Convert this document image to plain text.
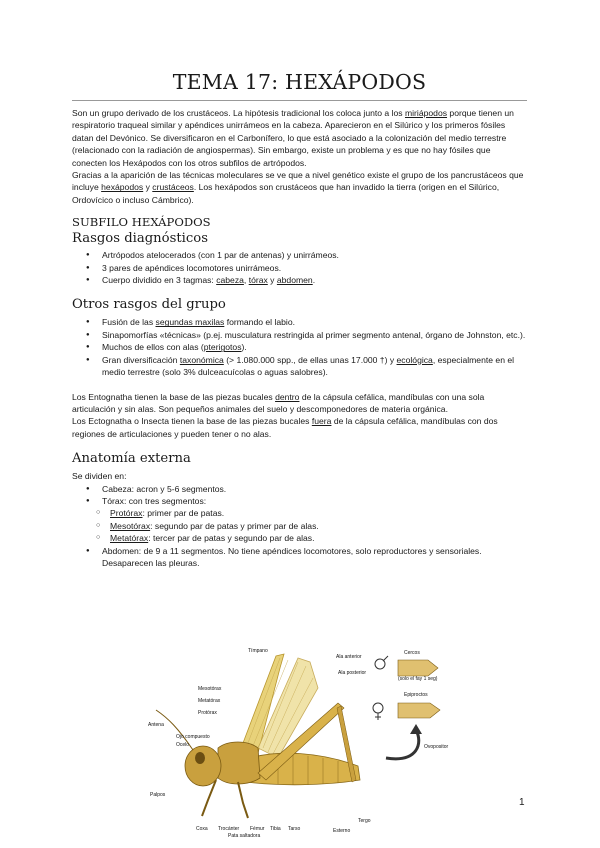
TEMA 17: HEXÁPODOS

Son un grupo derivado de los crustáceos. La hipótesis tradicional los coloca junto a los miriápodos porque tienen un respiratorio traqueal similar y apéndices unirrámeos en la cabeza. Aparecieron en el Silúrico y los primeros fósiles datan del Devónico. Se diversificaron en el Carbonífero, lo que está asociado a la colonización del medio terrestre (relacionado con la radiación de angiospermas). Sin embargo, existe un problema y es que no hay fósiles que conecten los Hexápodos con los otros subfilos de artrópodos.

Gracias a la aparición de las técnicas moleculares se ve que a nivel genético existe el grupo de los pancrustáceos que incluye hexápodos y crustáceos. Los hexápodos son crustáceos que han invadido la tierra (origen en el Silúrico, Ordovícico o incluso Cámbrico).

SUBFILO HEXÁPODOS
Rasgos diagnósticos
● Artrópodos atelocerados (con 1 par de antenas) y unirrámeos.
● 3 pares de apéndices locomotores unirrámeos.
● Cuerpo dividido en 3 tagmas: cabeza, tórax y abdomen.
Otros rasgos del grupo
● Fusión de las segundas maxilas formando el labio.
● Sinapomorfías «técnicas» (p.ej. musculatura restringida al primer segmento antenal, órgano de Johnston, etc.).
● Muchos de ellos con alas (pterigotos).
● Gran diversificación taxonómica (> 1.080.000 spp., de ellas unas 17.000 †) y ecológica, especialmente en el medio terrestre (solo 3% dulceacuícolas o aguas salobres).

Los Entognatha tienen la base de las piezas bucales dentro de la cápsula cefálica, mandíbulas con una sola articulación y sin alas. Son pequeños animales del suelo y descomponedores de materia orgánica.

Los Ectognatha o Insecta tienen la base de las piezas bucales fuera de la cápsula cefálica, mandíbulas con dos regiones de articulaciones y pueden tener o no alas.

Anatomía externa

Se dividen en:

● Cabeza: acron y 5-6 segmentos.
● Tórax: con tres segmentos:
○ Protórax: primer par de patas.
○ Mesotórax: segundo par de patas y primer par de alas.
○ Metatórax: tercer par de patas y segundo par de alas.
● Abdomen: de 9 a 11 segmentos. No tiene apéndices locomotores, solo reproductores y sensoriales. Desaparecen las pleuras.
Tímpano
Ala anterior
Ala posterior
Cercos
(solo el fay 1 seg)
Epiproctos
Ovopositor
Mesotórax
Metatórax
Protórax
Antena
Ojo compuesto
Ocelo
Palpos
Coxa Trocánter Fémur Tibia Tarso	Esterno
Tergo
Pata saltadora
1
